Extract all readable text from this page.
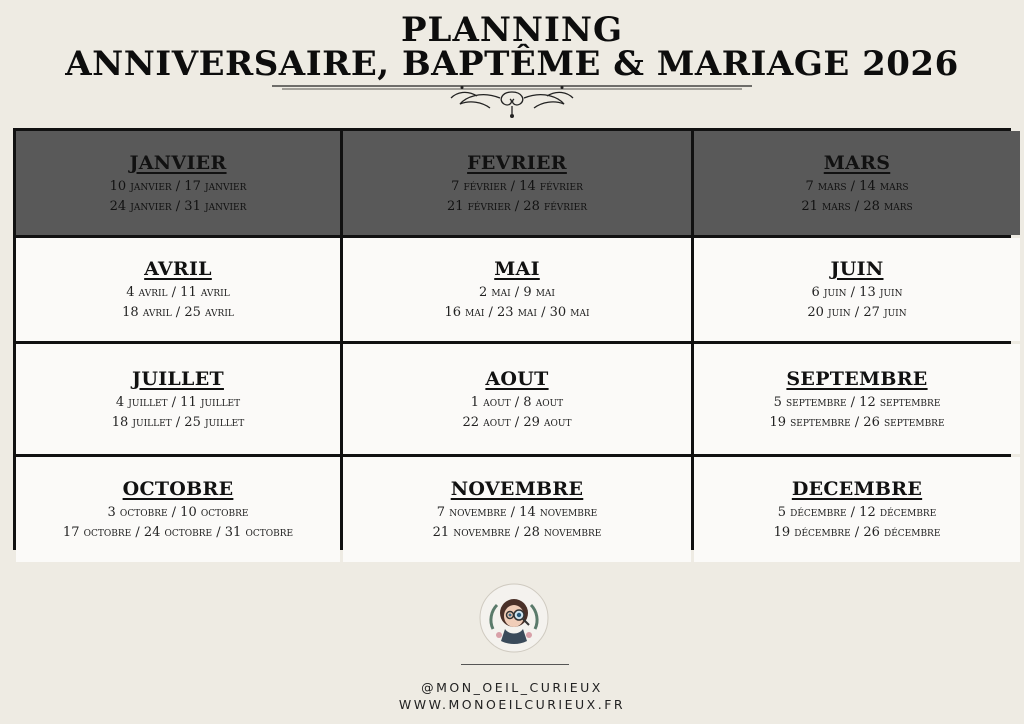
PLANNING
ANNIVERSAIRE, BAPTÊME & MARIAGE 2026
JANVIER
10 janvier / 17 janvier
24 janvier / 31 janvier
FEVRIER
7 février / 14 février
21 février / 28 février
MARS
7 mars / 14 mars
21 mars / 28 mars
AVRIL
4 avril / 11 avril
18 avril / 25 avril
MAI
2 mai / 9 mai
16 mai / 23 mai / 30 mai
JUIN
6 juin / 13 juin
20 juin / 27 juin
JUILLET
4 juillet / 11 juillet
18 juillet / 25 juillet
AOUT
1 aout / 8 aout
22 aout / 29 aout
SEPTEMBRE
5 septembre / 12 septembre
19 septembre / 26 septembre
OCTOBRE
3 octobre / 10 octobre
17 octobre / 24 octobre / 31 octobre
NOVEMBRE
7 novembre / 14 novembre
21 novembre / 28 novembre
DECEMBRE
5 décembre / 12 décembre
19 décembre / 26 décembre
@MON_OEIL_CURIEUX
WWW.MONOEILCURIEUX.FR
